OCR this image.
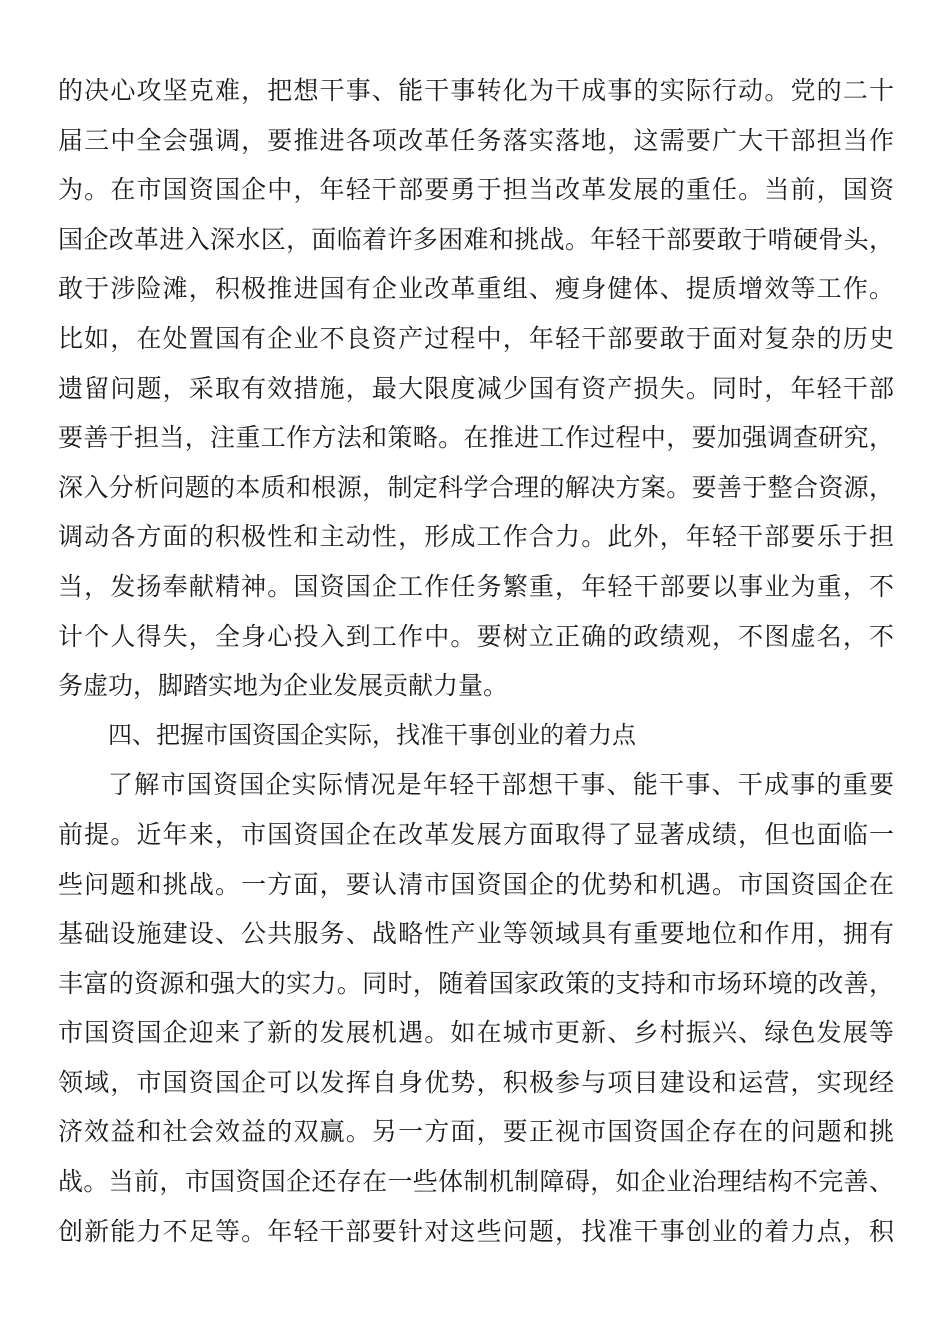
的决心攻坚克难，把想干事、能干事转化为干成事的实际行动。党的二十
届三中全会强调，要推进各项改革任务落实落地，这需要广大干部担当作
为。在市国资国企中，年轻干部要勇于担当改革发展的重任。当前，国资
国企改革进入深水区，面临着许多困难和挑战。年轻干部要敢于啃硬骨头，
敢于涉险滩，积极推进国有企业改革重组、瘦身健体、提质增效等工作。
比如，在处置国有企业不良资产过程中，年轻干部要敢于面对复杂的历史
遗留问题，采取有效措施，最大限度减少国有资产损失。同时，年轻干部
要善于担当，注重工作方法和策略。在推进工作过程中，要加强调查研究，
深入分析问题的本质和根源，制定科学合理的解决方案。要善于整合资源，
调动各方面的积极性和主动性，形成工作合力。此外，年轻干部要乐于担
当，发扬奉献精神。国资国企工作任务繁重，年轻干部要以事业为重，不
计个人得失，全身心投入到工作中。要树立正确的政绩观，不图虚名，不
务虚功，脚踏实地为企业发展贡献力量。
四、把握市国资国企实际，找准干事创业的着力点
了解市国资国企实际情况是年轻干部想干事、能干事、干成事的重要
前提。近年来，市国资国企在改革发展方面取得了显著成绩，但也面临一
些问题和挑战。一方面，要认清市国资国企的优势和机遇。市国资国企在
基础设施建设、公共服务、战略性产业等领域具有重要地位和作用，拥有
丰富的资源和强大的实力。同时，随着国家政策的支持和市场环境的改善，
市国资国企迎来了新的发展机遇。如在城市更新、乡村振兴、绿色发展等
领域，市国资国企可以发挥自身优势，积极参与项目建设和运营，实现经
济效益和社会效益的双赢。另一方面，要正视市国资国企存在的问题和挑
战。当前，市国资国企还存在一些体制机制障碍，如企业治理结构不完善、
创新能力不足等。年轻干部要针对这些问题，找准干事创业的着力点，积
